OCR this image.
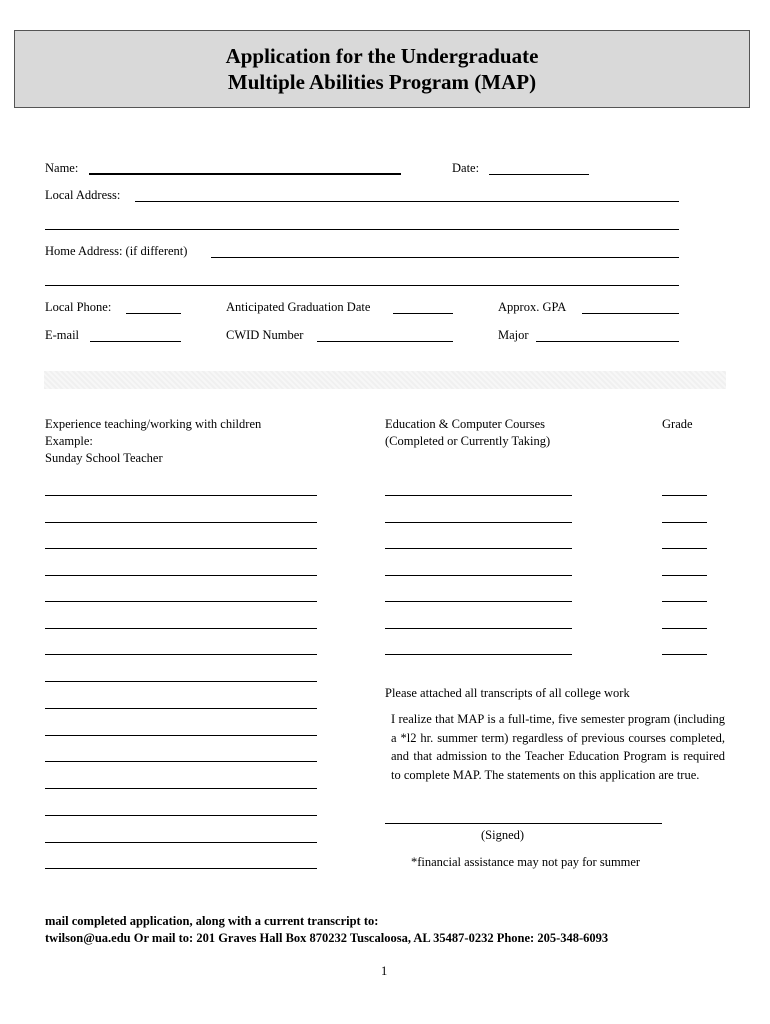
Application for the Undergraduate
Multiple Abilities Program (MAP)
Name:	Date:
Local Address:
Home Address: (if different)
Local Phone:	Anticipated Graduation Date	Approx. GPA
E-mail	CWID Number	Major
Experience teaching/working with children
Example:
Sunday School Teacher
Education & Computer Courses
(Completed or Currently Taking)
Grade
Please attached all transcripts of all college work
I realize that MAP is a full-time, five semester program (including a *l2 hr. summer term) regardless of previous courses completed, and that admission to the Teacher Education Program is required to complete MAP. The statements on this application are true.
(Signed)
*financial assistance may not pay for summer
mail completed application, along with a current transcript to:
twilson@ua.edu Or mail to: 201 Graves Hall Box 870232 Tuscaloosa, AL 35487-0232 Phone: 205-348-6093
1
